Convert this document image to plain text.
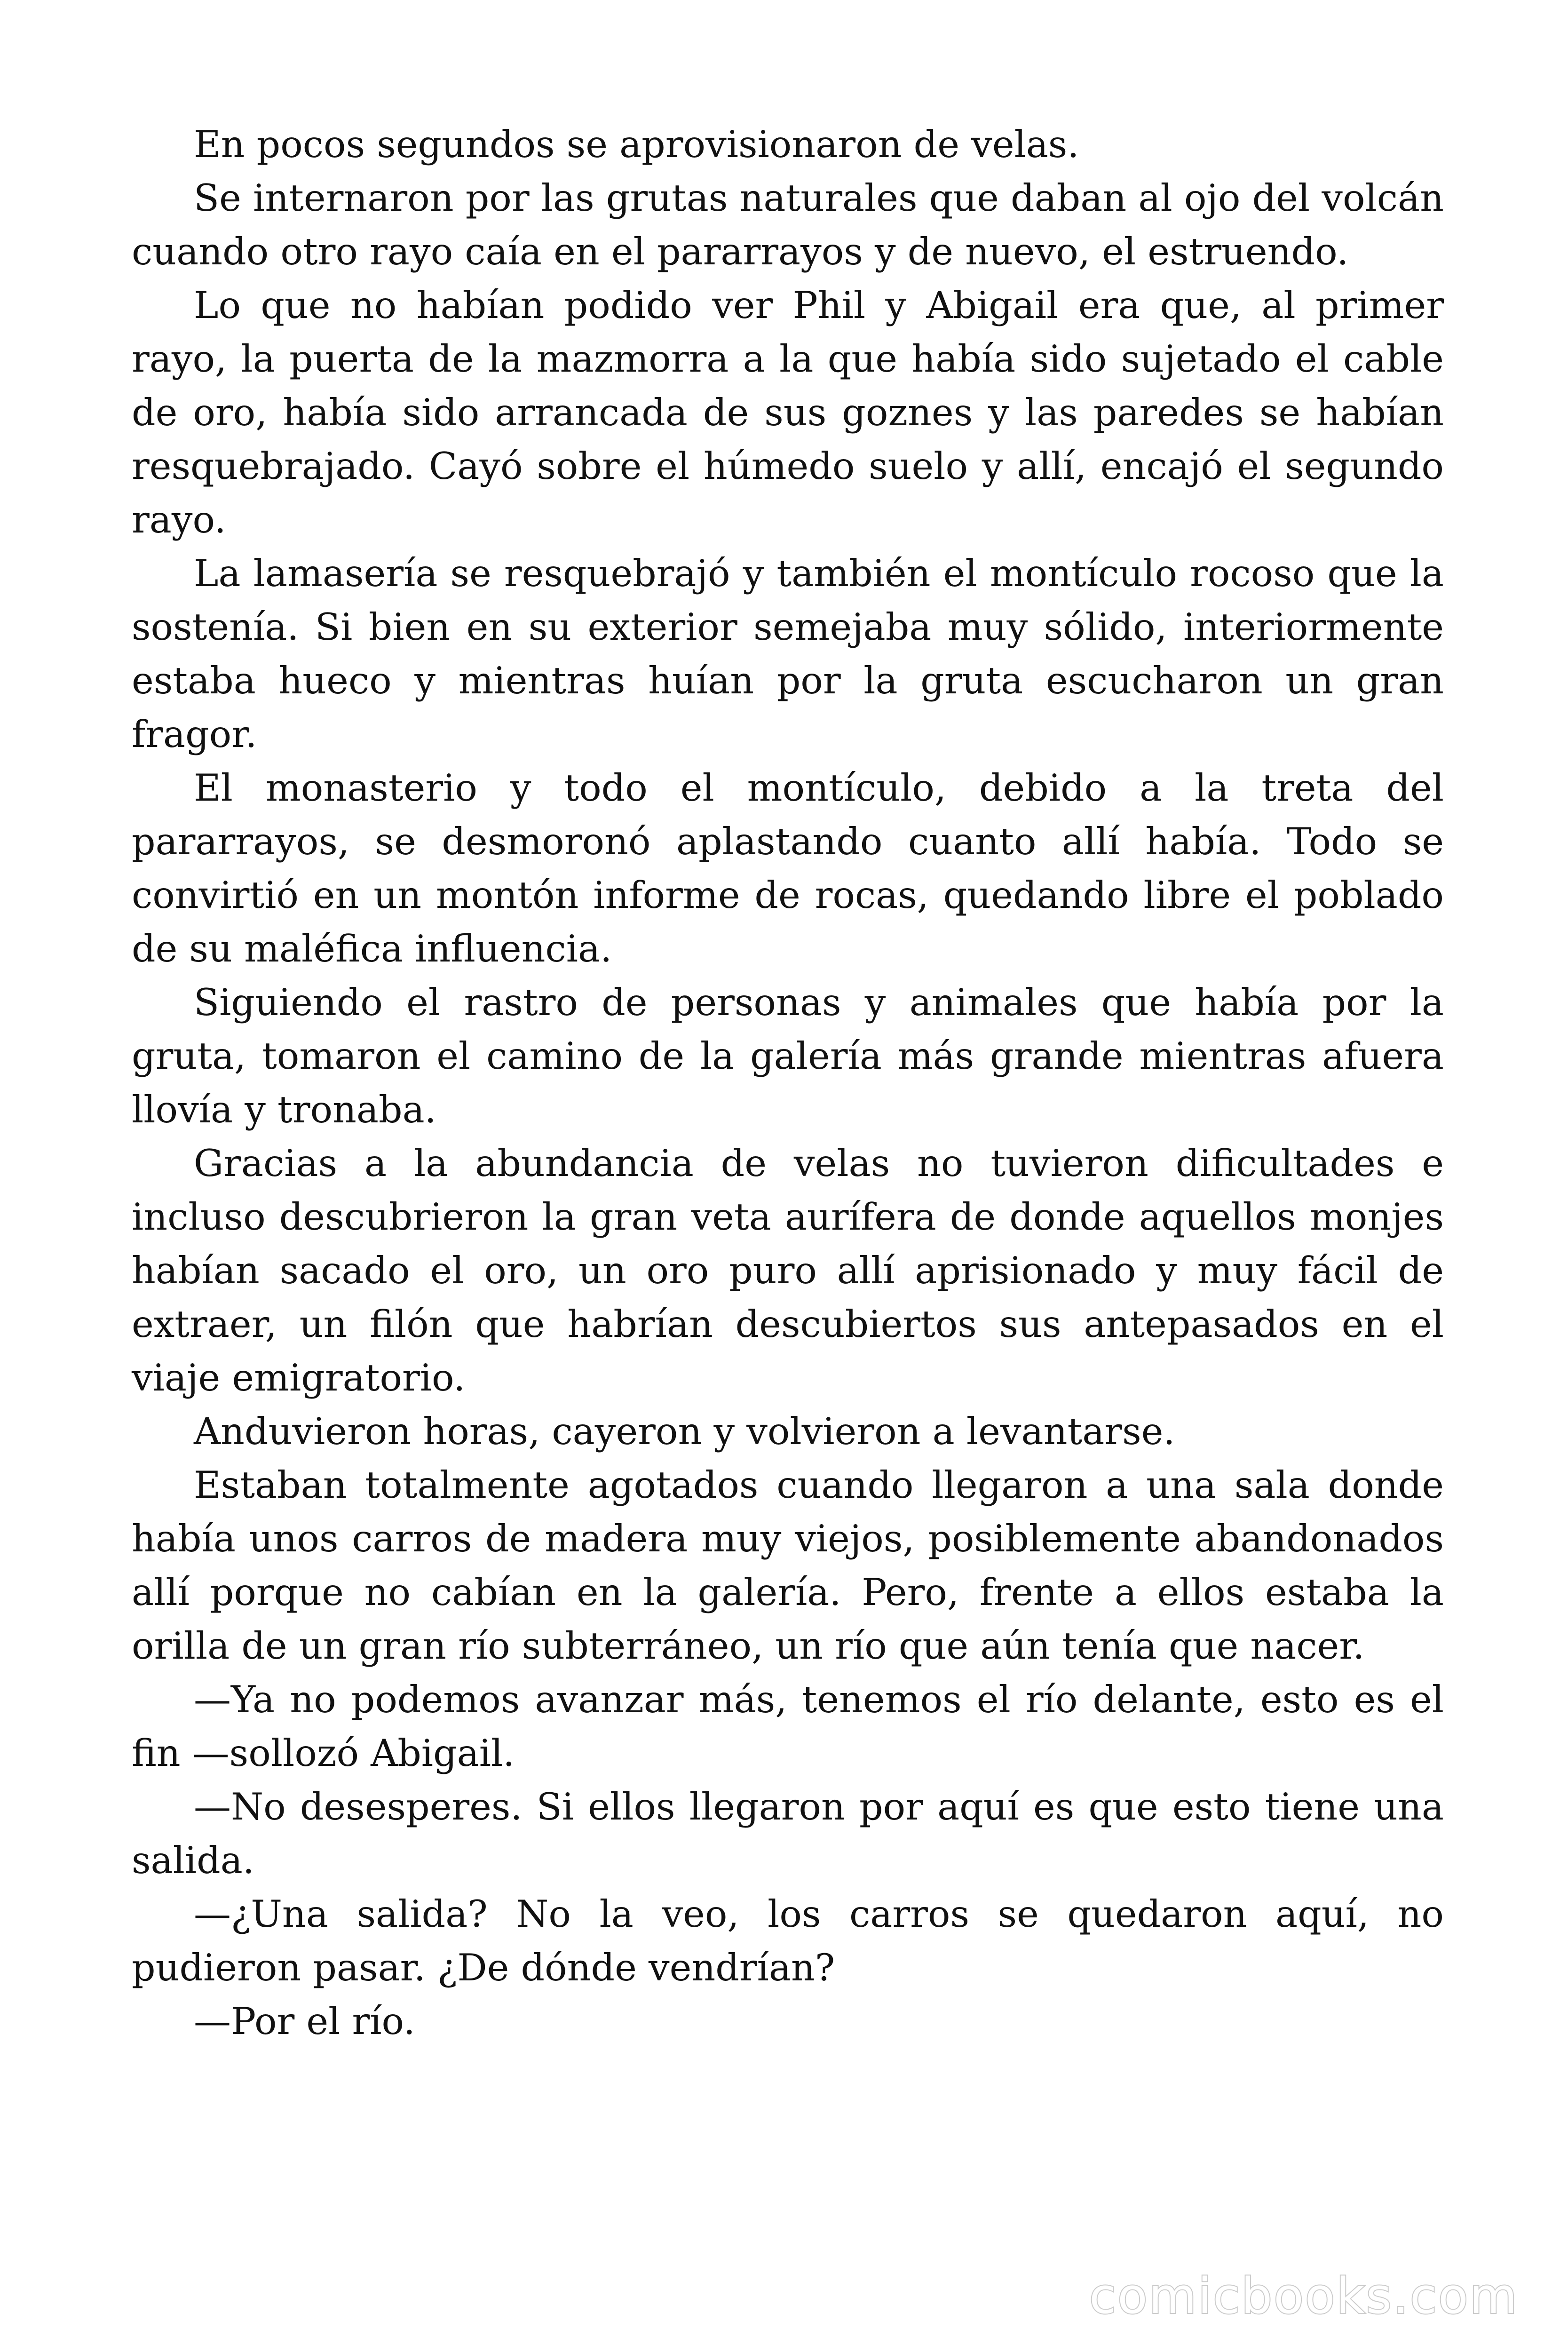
En pocos segundos se aprovisionaron de velas.

Se internaron por las grutas naturales que daban al ojo del volcán cuando otro rayo caía en el pararrayos y de nuevo, el estruendo.

Lo que no habían podido ver Phil y Abigail era que, al primer rayo, la puerta de la mazmorra a la que había sido sujetado el cable de oro, había sido arrancada de sus goznes y las paredes se habían resquebrajado. Cayó sobre el húmedo suelo y allí, encajó el segundo rayo.

La lamasería se resquebrajó y también el montículo rocoso que la sostenía. Si bien en su exterior semejaba muy sólido, interiormente estaba hueco y mientras huían por la gruta escucharon un gran fragor.

El monasterio y todo el montículo, debido a la treta del pararrayos, se desmoronó aplastando cuanto allí había. Todo se convirtió en un montón informe de rocas, quedando libre el poblado de su maléfica influencia.

Siguiendo el rastro de personas y animales que había por la gruta, tomaron el camino de la galería más grande mientras afuera llovía y tronaba.

Gracias a la abundancia de velas no tuvieron dificultades e incluso descubrieron la gran veta aurífera de donde aquellos monjes habían sacado el oro, un oro puro allí aprisionado y muy fácil de extraer, un filón que habrían descubiertos sus antepasados en el viaje emigratorio.

Anduvieron horas, cayeron y volvieron a levantarse.

Estaban totalmente agotados cuando llegaron a una sala donde había unos carros de madera muy viejos, posiblemente abandonados allí porque no cabían en la galería. Pero, frente a ellos estaba la orilla de un gran río subterráneo, un río que aún tenía que nacer.

—Ya no podemos avanzar más, tenemos el río delante, esto es el fin —sollozó Abigail.

—No desesperes. Si ellos llegaron por aquí es que esto tiene una salida.

—¿Una salida? No la veo, los carros se quedaron aquí, no pudieron pasar. ¿De dónde vendrían?

—Por el río.

comicbooks.com
